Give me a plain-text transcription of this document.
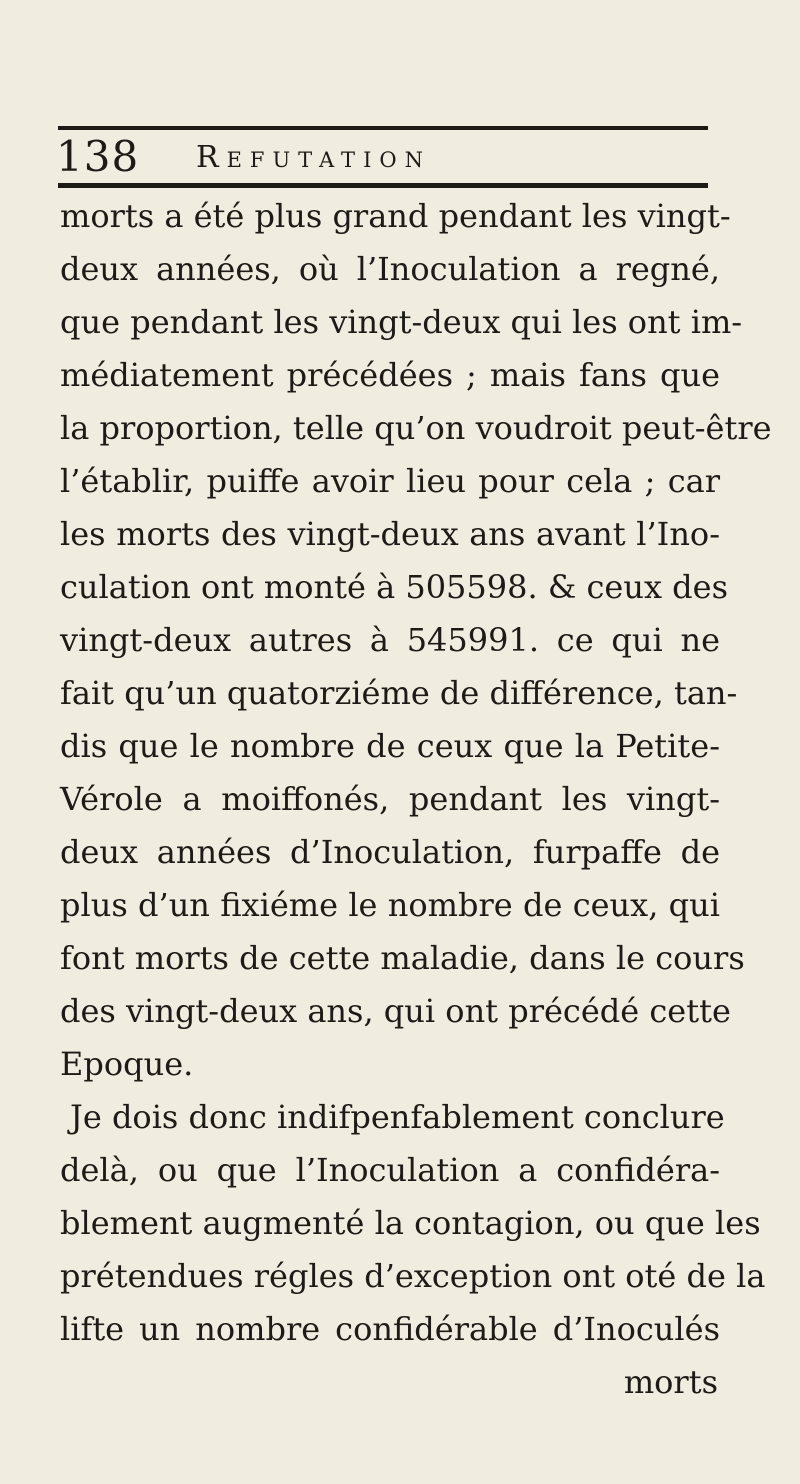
138 Refutation
morts a été plus grand pendant les vingt-
deux années, où l’Inoculation a regné,
que pendant les vingt-deux qui les ont im-
médiatement précédées ; mais fans que
la proportion, telle qu’on voudroit peut-être
l’établir, puiffe avoir lieu pour cela ; car
les morts des vingt-deux ans avant l’Ino-
culation ont monté à 505598. & ceux des
vingt-deux autres à 545991. ce qui ne
fait qu’un quatorziéme de différence, tan-
dis que le nombre de ceux que la Petite-
Vérole a moiffonés, pendant les vingt-
deux années d’Inoculation, furpaffe de
plus d’un fixiéme le nombre de ceux, qui
font morts de cette maladie, dans le cours
des vingt-deux ans, qui ont précédé cette
Epoque.
Je dois donc indifpenfablement conclure
delà, ou que l’Inoculation a confidéra-
blement augmenté la contagion, ou que les
prétendues régles d’exception ont oté de la
lifte un nombre confidérable d’Inoculés
morts
